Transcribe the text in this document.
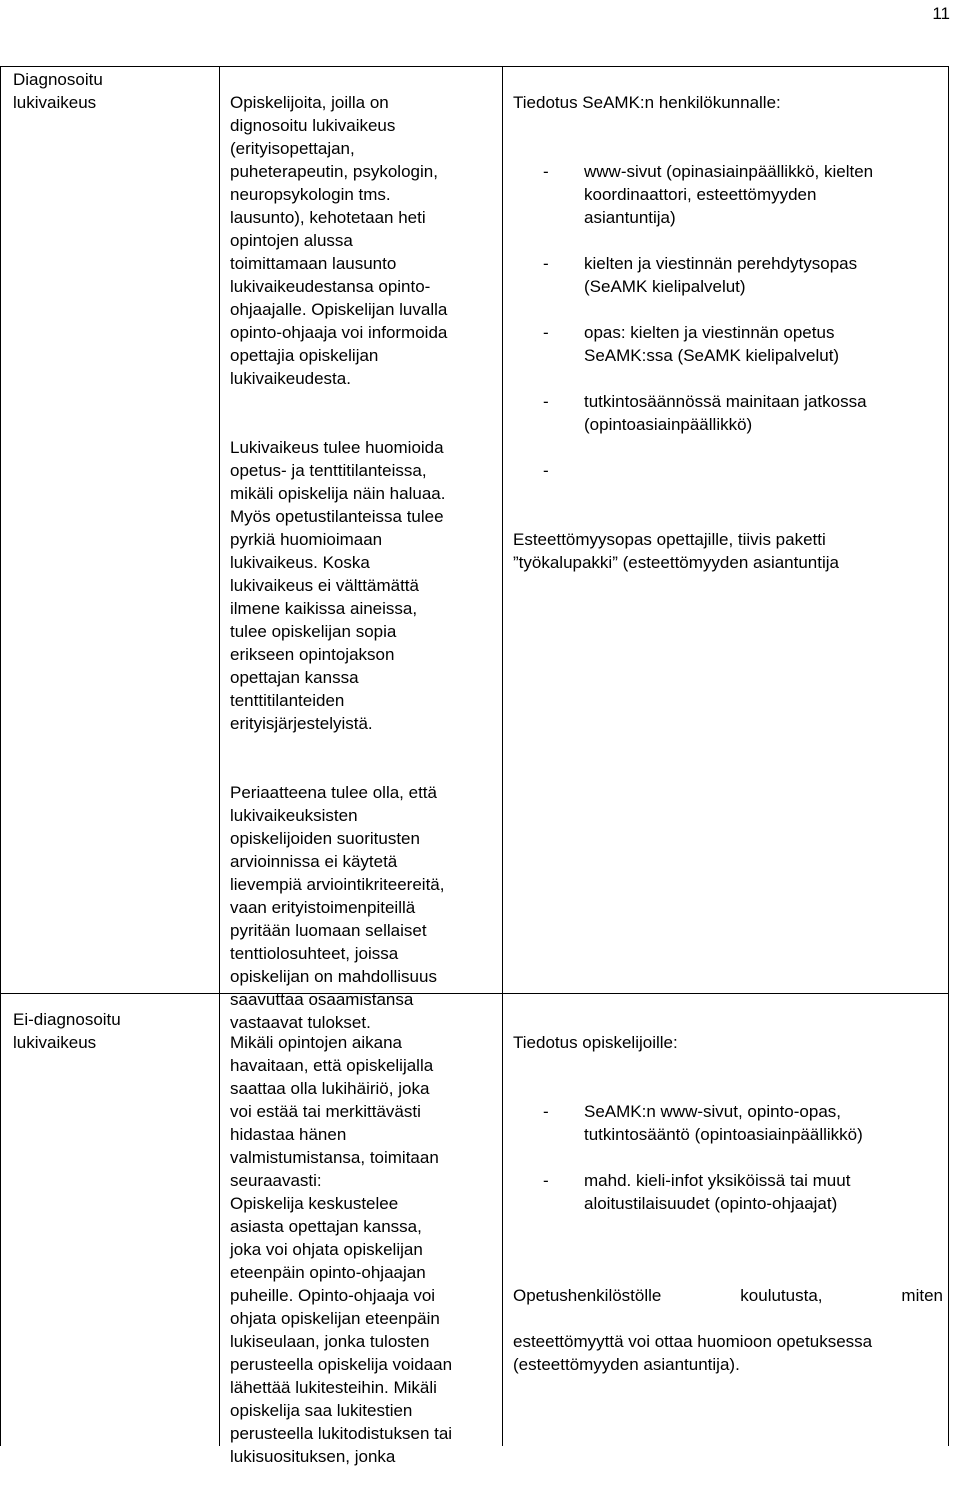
11
Diagnosoitu
lukivaikeus	Opiskelijoita, joilla on
dignosoitu lukivaikeus
(erityisopettajan,
puheterapeutin, psykologin,
neuropsykologin tms.
lausunto), kehotetaan heti
opintojen alussa
toimittamaan lausunto
lukivaikeudestansa opinto-
ohjaajalle. Opiskelijan luvalla
opinto-ohjaaja voi informoida
opettajia opiskelijan
lukivaikeudesta.

Lukivaikeus tulee huomioida
opetus- ja tenttitilanteissa,
mikäli opiskelija näin haluaa.
Myös opetustilanteissa tulee
pyrkiä huomioimaan
lukivaikeus. Koska
lukivaikeus ei välttämättä
ilmene kaikissa aineissa,
tulee opiskelijan sopia
erikseen opintojakson
opettajan kanssa
tenttitilanteiden
erityisjärjestelyistä.

Periaatteena tulee olla, että
lukivaikeuksisten
opiskelijoiden suoritusten
arvioinnissa ei käytetä
lievempiä arviointikriteereitä,
vaan erityistoimenpiteillä
pyritään luomaan sellaiset
tenttiolosuhteet, joissa
opiskelijan on mahdollisuus
saavuttaa osaamistansa
vastaavat tulokset.

Tiedotus SeAMK:n henkilökunnalle:

- www-sivut (opinasiainpäällikkö, kielten
koordinaattori, esteettömyyden
asiantuntija)

- kielten ja viestinnän perehdytysopas
(SeAMK kielipalvelut)

- opas: kielten ja viestinnän opetus
SeAMK:ssa (SeAMK kielipalvelut)

- tutkintosäännössä mainitaan jatkossa
(opintoasiainpäällikkö)

-

Esteettömyysopas opettajille, tiivis paketti
”työkalupakki” (esteettömyyden asiantuntija

Ei-diagnosoitu
lukivaikeus	Mikäli opintojen aikana
havaitaan, että opiskelijalla
saattaa olla lukihäiriö, joka
voi estää tai merkittävästi
hidastaa hänen
valmistumistansa, toimitaan
seuraavasti:
Opiskelija keskustelee
asiasta opettajan kanssa,
joka voi ohjata opiskelijan
eteenpäin opinto-ohjaajan
puheille. Opinto-ohjaaja voi
ohjata opiskelijan eteenpäin
lukiseulaan, jonka tulosten
perusteella opiskelija voidaan
lähettää lukitesteihin. Mikäli
opiskelija saa lukitestien
perusteella lukitodistuksen tai
lukisuosituksen, jonka

Tiedotus opiskelijoille:

- SeAMK:n www-sivut, opinto-opas,
tutkintosääntö (opintoasiainpäällikkö)

- mahd. kieli-infot yksiköissä tai muut
aloitustilaisuudet (opinto-ohjaajat)

Opetushenkilöstölle koulutusta, miten

esteettömyyttä voi ottaa huomioon opetuksessa
(esteettömyyden asiantuntija).
